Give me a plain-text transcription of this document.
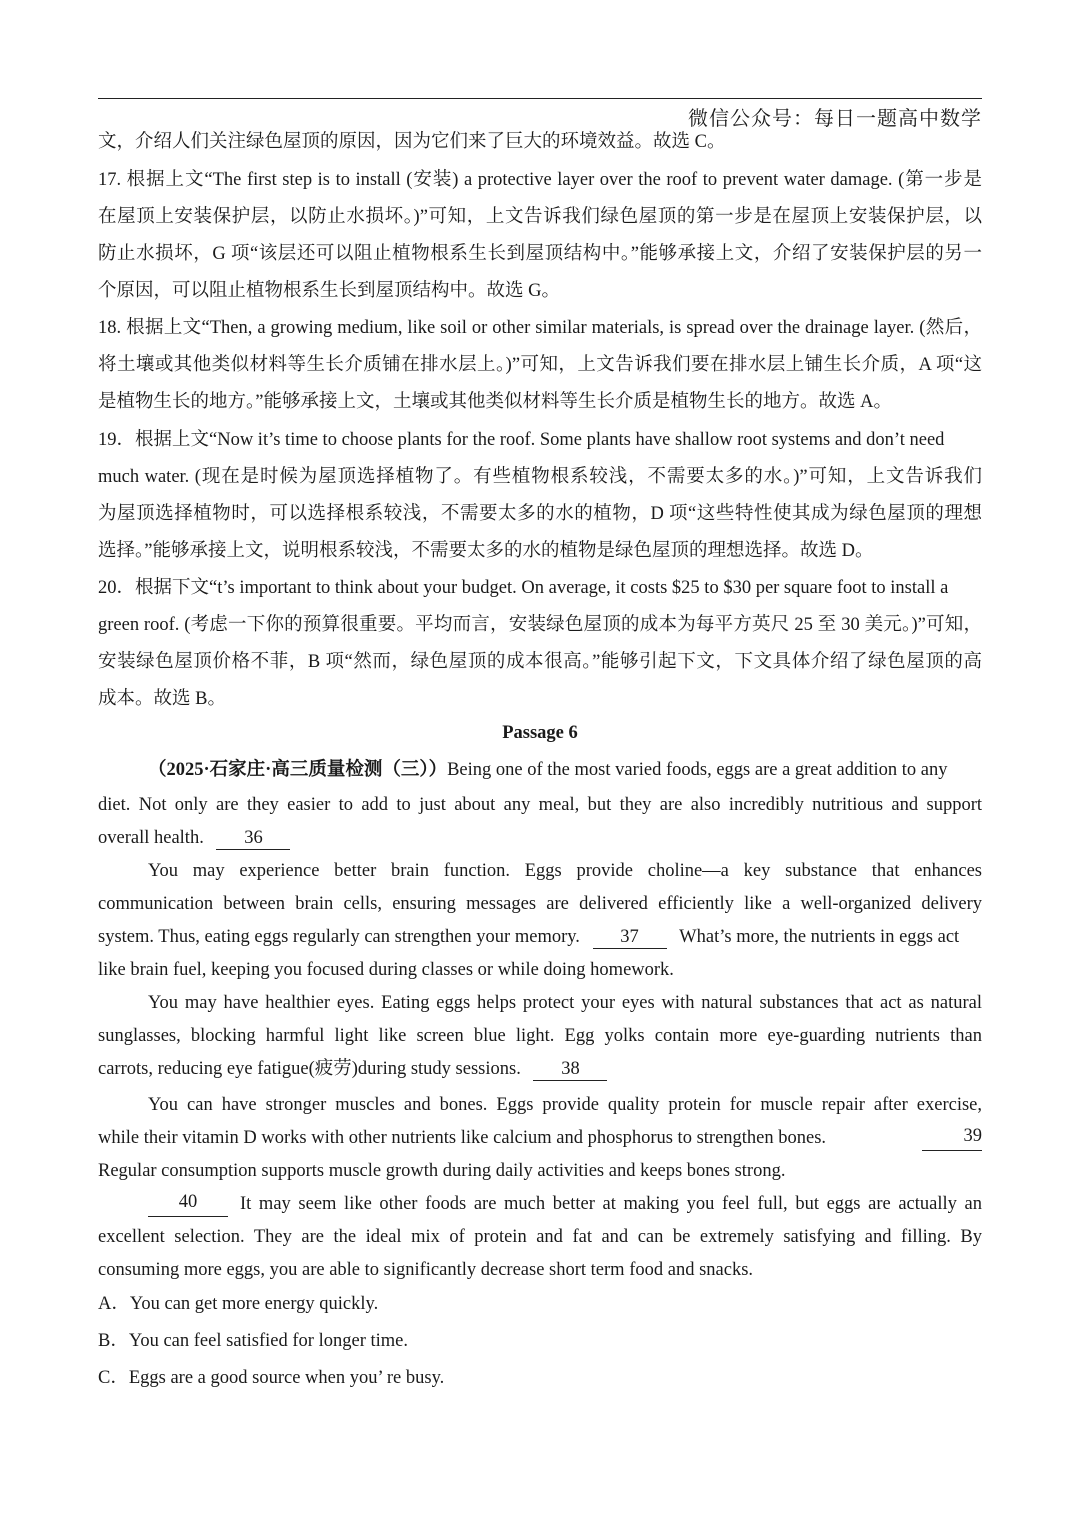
微信公众号：每日一题高中数学
文，介绍人们关注绿色屋顶的原因，因为它们来了巨大的环境效益。故选 C。
17. 根据上文“The first step is to install (安装) a protective layer over the roof to prevent water damage. (第一步是
在屋顶上安装保护层，以防止水损坏。)”可知，上文告诉我们绿色屋顶的第一步是在屋顶上安装保护层，以
防止水损坏，G 项“该层还可以阻止植物根系生长到屋顶结构中。”能够承接上文，介绍了安装保护层的另一
个原因，可以阻止植物根系生长到屋顶结构中。故选 G。
18. 根据上文“Then, a growing medium, like soil or other similar materials, is spread over the drainage layer. (然后，
将土壤或其他类似材料等生长介质铺在排水层上。)”可知，上文告诉我们要在排水层上铺生长介质，A 项“这
是植物生长的地方。”能够承接上文，土壤或其他类似材料等生长介质是植物生长的地方。故选 A。
19．根据上文“Now it’s time to choose plants for the roof. Some plants have shallow root systems and don’t need
much water. (现在是时候为屋顶选择植物了。有些植物根系较浅，不需要太多的水。)”可知，上文告诉我们
为屋顶选择植物时，可以选择根系较浅，不需要太多的水的植物，D 项“这些特性使其成为绿色屋顶的理想
选择。”能够承接上文，说明根系较浅，不需要太多的水的植物是绿色屋顶的理想选择。故选 D。
20．根据下文“t’s important to think about your budget. On average, it costs $25 to $30 per square foot to install a
green roof. (考虑一下你的预算很重要。平均而言，安装绿色屋顶的成本为每平方英尺 25 至 30 美元。)”可知，
安装绿色屋顶价格不菲，B 项“然而，绿色屋顶的成本很高。”能够引起下文，下文具体介绍了绿色屋顶的高
成本。故选 B。
Passage 6
（2025·石家庄·高三质量检测（三））Being one of the most varied foods, eggs are a great addition to any
diet. Not only are they easier to add to just about any meal, but they are also incredibly nutritious and support
overall health. 36
You may experience better brain function. Eggs provide choline—a key substance that enhances
communication between brain cells, ensuring messages are delivered efficiently like a well-organized delivery
system. Thus, eating eggs regularly can strengthen your memory. 37 What’s more, the nutrients in eggs act
like brain fuel, keeping you focused during classes or while doing homework.
You may have healthier eyes. Eating eggs helps protect your eyes with natural substances that act as natural
sunglasses, blocking harmful light like screen blue light. Egg yolks contain more eye-guarding nutrients than
carrots, reducing eye fatigue(疲劳)during study sessions. 38
You can have stronger muscles and bones. Eggs provide quality protein for muscle repair after exercise,
while their vitamin D works with other nutrients like calcium and phosphorus to strengthen bones.	39
Regular consumption supports muscle growth during daily activities and keeps bones strong.
40	It may seem like other foods are much better at making you feel full, but eggs are actually an
excellent selection. They are the ideal mix of protein and fat and can be extremely satisfying and filling. By
consuming more eggs, you are able to significantly decrease short term food and snacks.
A．You can get more energy quickly.
B．You can feel satisfied for longer time.
C．Eggs are a good source when you’ re busy.
